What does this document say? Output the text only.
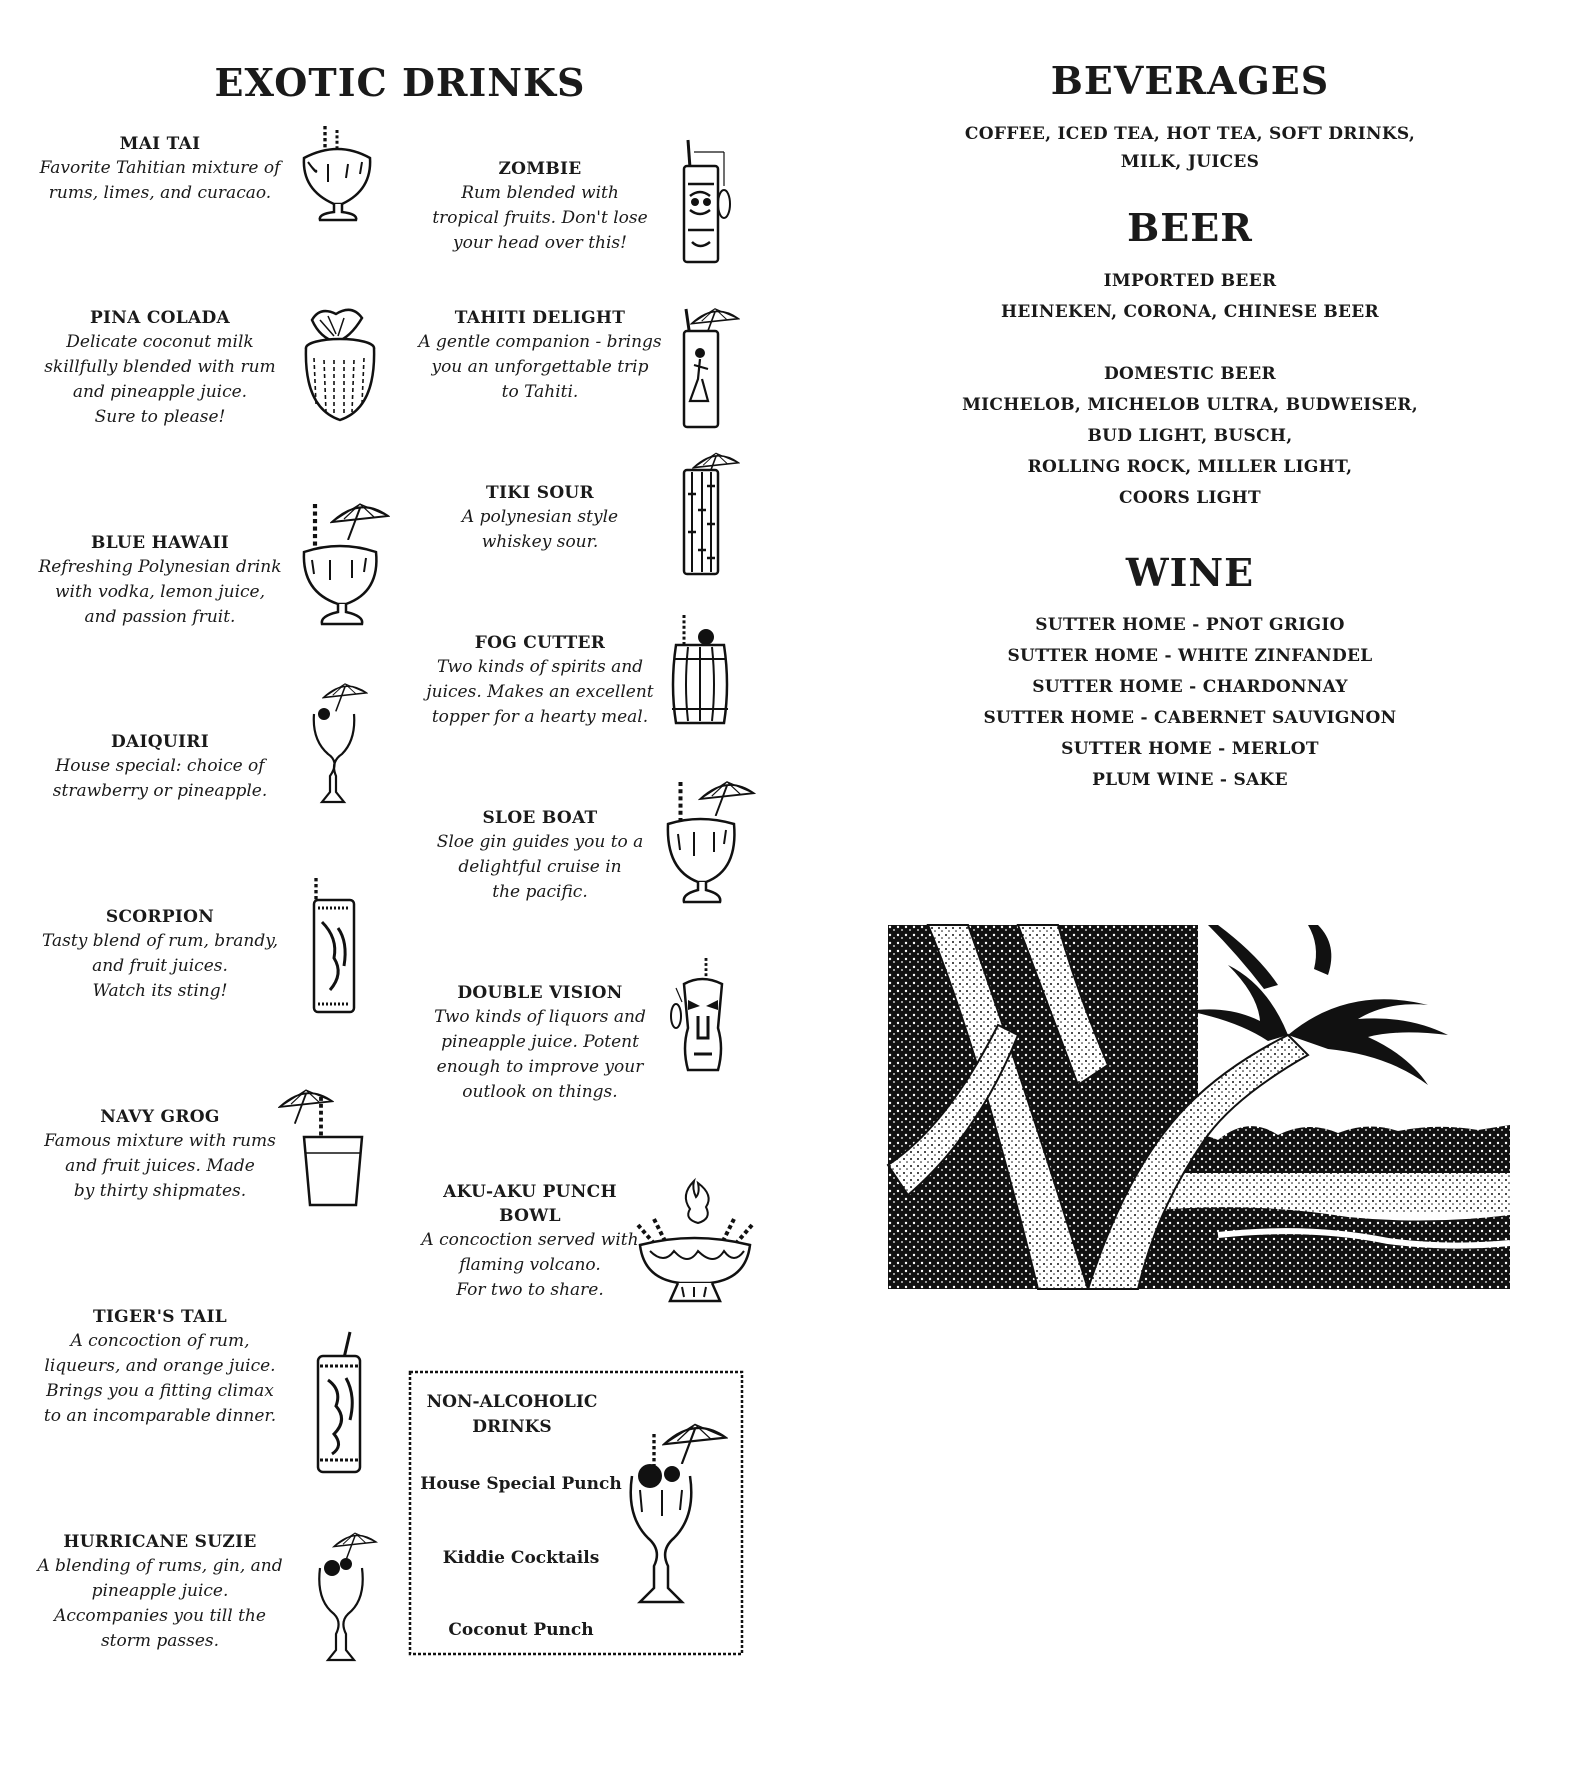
EXOTIC DRINKS	BEVERAGES
MAI TAI
Favorite Tahitian mixture of
rums, limes, and curacao.
PINA COLADA
Delicate coconut milk
skillfully blended with rum
and pineapple juice.
Sure to please!
BLUE HAWAII
Refreshing Polynesian drink
with vodka, lemon juice,
and passion fruit.
DAIQUIRI
House special: choice of
strawberry or pineapple.
SCORPION
Tasty blend of rum, brandy,
and fruit juices.
Watch its sting!
NAVY GROG
Famous mixture with rums
and fruit juices. Made
by thirty shipmates.
TIGER'S TAIL
A concoction of rum,
liqueurs, and orange juice.
Brings you a fitting climax
to an incomparable dinner.
HURRICANE SUZIE
A blending of rums, gin, and
pineapple juice.
Accompanies you till the
storm passes.
ZOMBIE
Rum blended with
tropical fruits. Don't lose
your head over this!
TAHITI DELIGHT
A gentle companion - brings
you an unforgettable trip
to Tahiti.
TIKI SOUR
A polynesian style
whiskey sour.
FOG CUTTER
Two kinds of spirits and
juices. Makes an excellent
topper for a hearty meal.
SLOE BOAT
Sloe gin guides you to a
delightful cruise in
the pacific.
DOUBLE VISION
Two kinds of liquors and
pineapple juice. Potent
enough to improve your
outlook on things.
AKU-AKU PUNCH
BOWL
A concoction served with
flaming volcano.
For two to share.
NON-ALCOHOLIC
DRINKS
House Special Punch
Kiddie Cocktails
Coconut Punch
COFFEE, ICED TEA, HOT TEA, SOFT DRINKS,
MILK, JUICES
BEER
IMPORTED BEER
HEINEKEN, CORONA, CHINESE BEER
DOMESTIC BEER
MICHELOB, MICHELOB ULTRA, BUDWEISER,
BUD LIGHT, BUSCH,
ROLLING ROCK, MILLER LIGHT,
COORS LIGHT
WINE
SUTTER HOME - PNOT GRIGIO
SUTTER HOME - WHITE ZINFANDEL
SUTTER HOME - CHARDONNAY
SUTTER HOME - CABERNET SAUVIGNON
SUTTER HOME - MERLOT
PLUM WINE - SAKE
